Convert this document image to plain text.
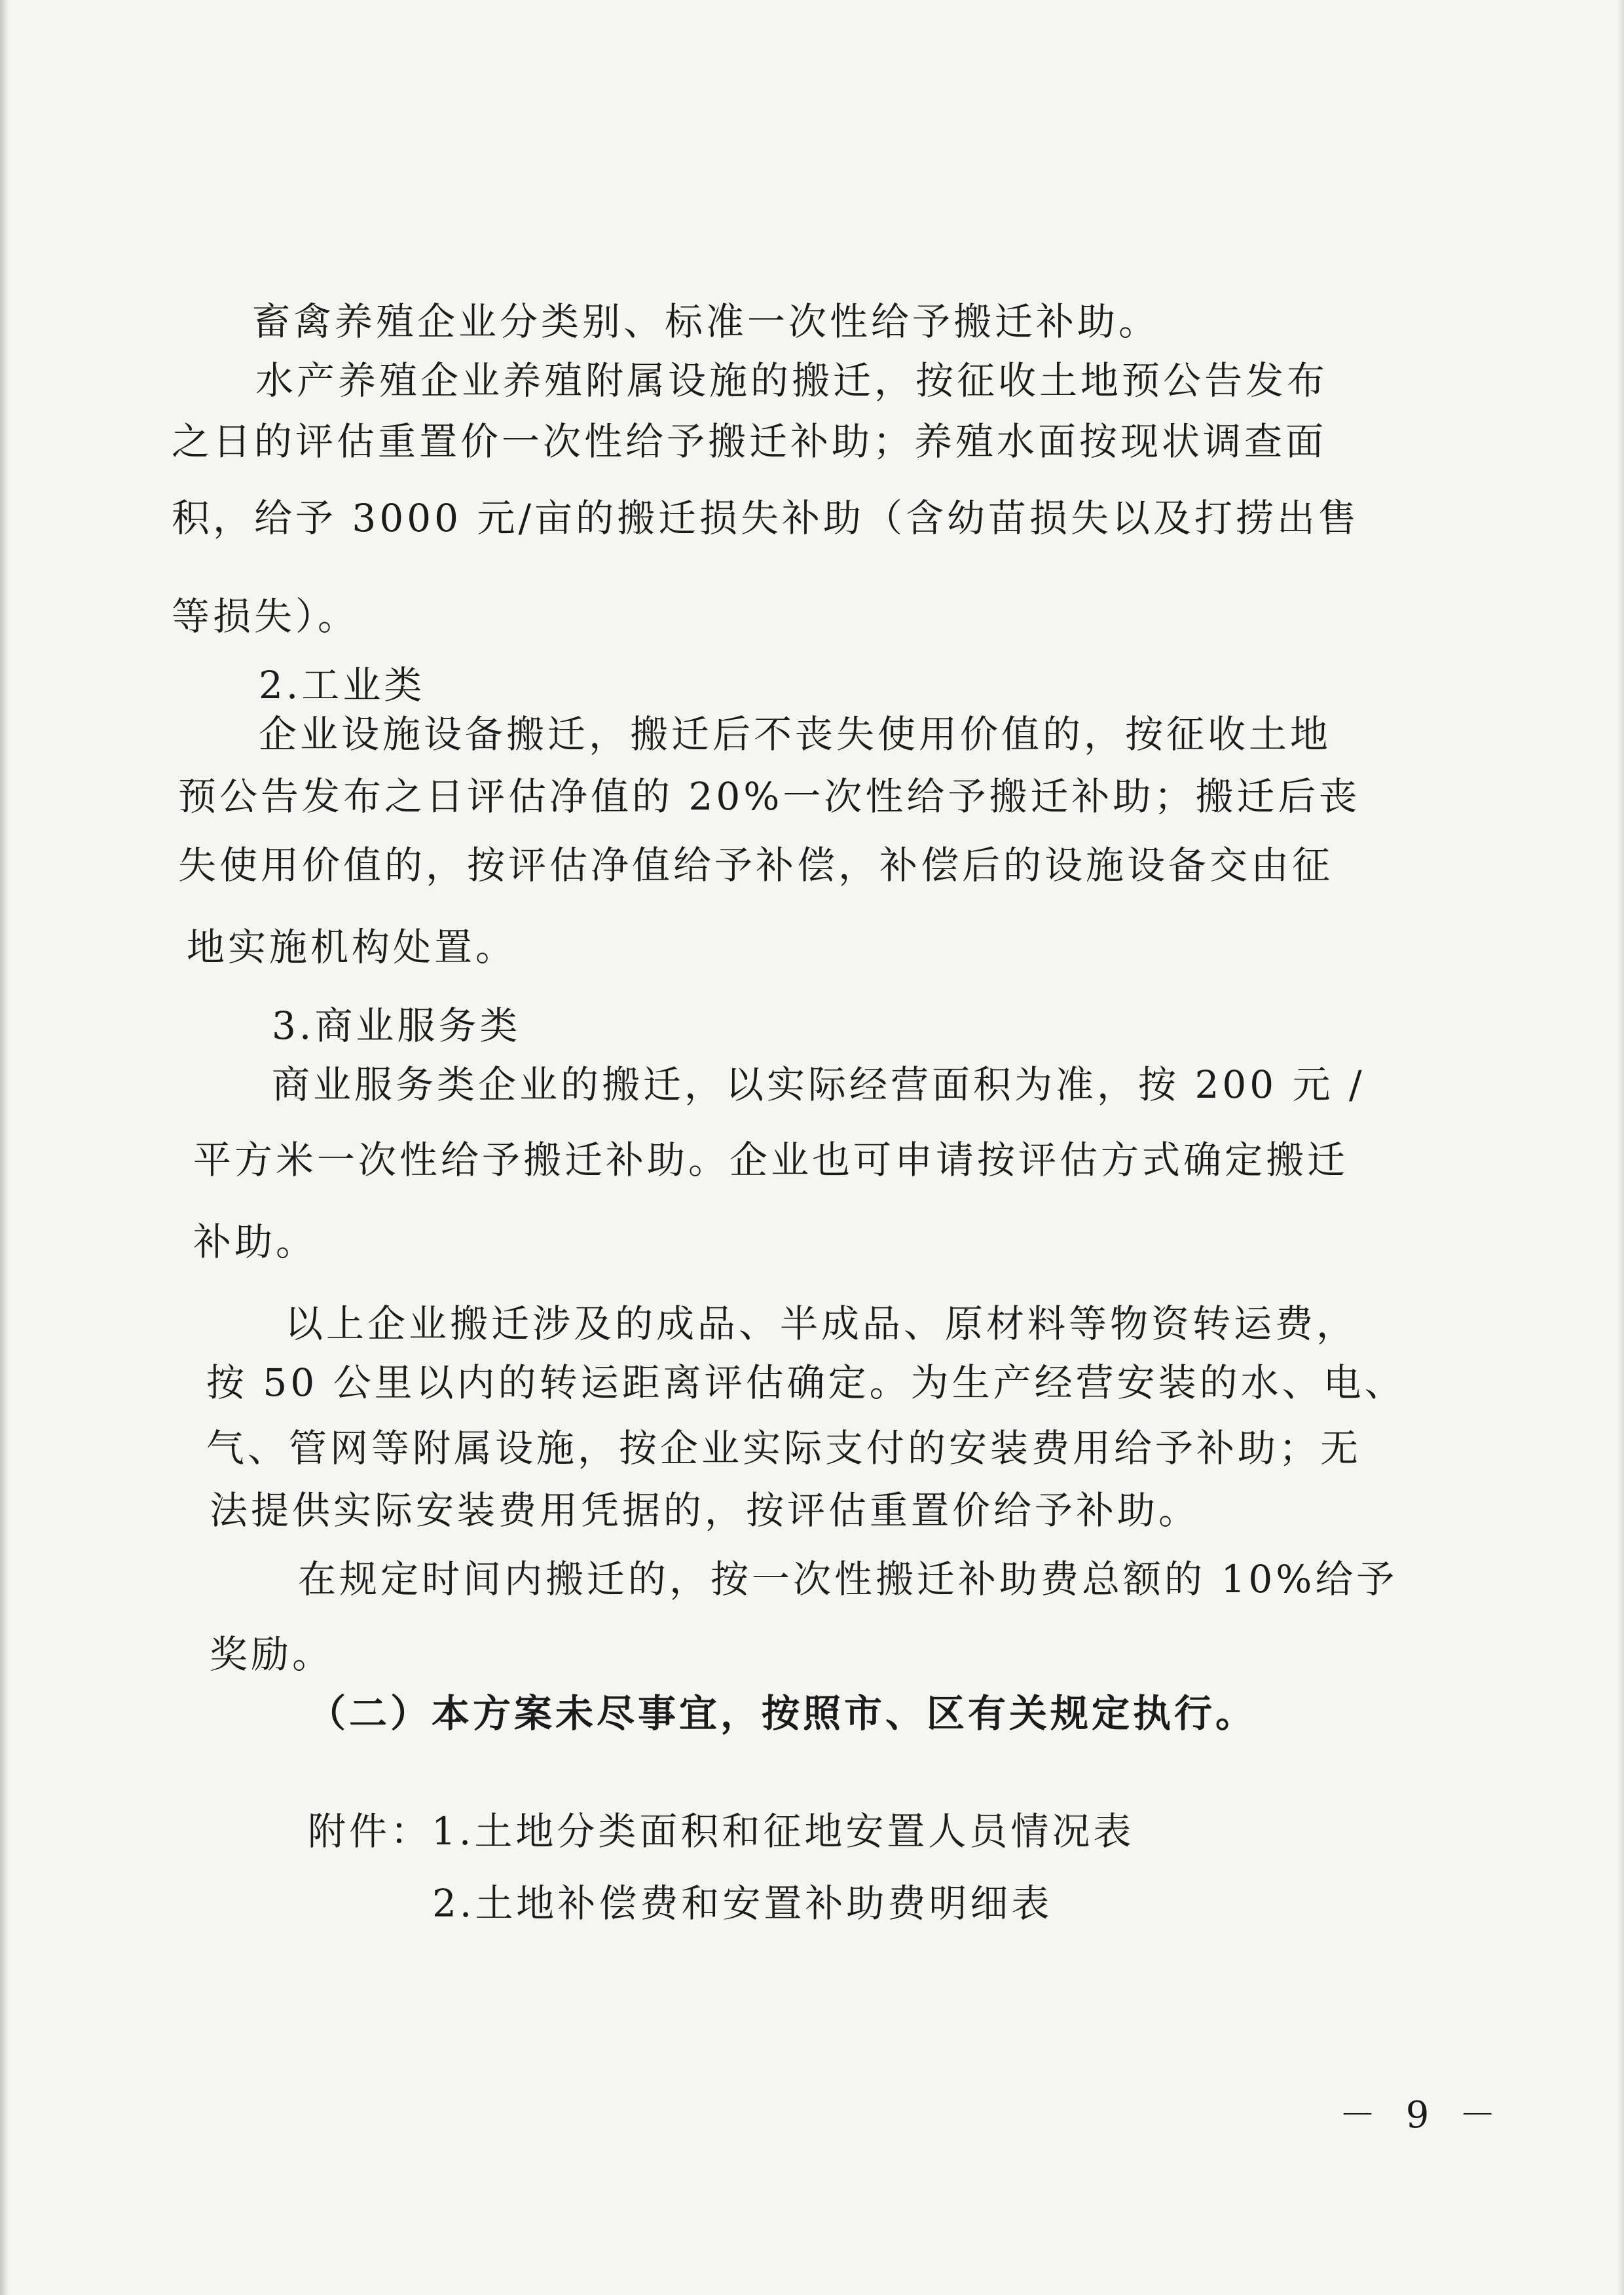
畜禽养殖企业分类别、标准一次性给予搬迁补助。
水产养殖企业养殖附属设施的搬迁，按征收土地预公告发布
之日的评估重置价一次性给予搬迁补助；养殖水面按现状调查面
积，给予 3000 元/亩的搬迁损失补助（含幼苗损失以及打捞出售
等损失）。
2.工业类
企业设施设备搬迁，搬迁后不丧失使用价值的，按征收土地
预公告发布之日评估净值的 20%一次性给予搬迁补助；搬迁后丧
失使用价值的，按评估净值给予补偿，补偿后的设施设备交由征
地实施机构处置。
3.商业服务类
商业服务类企业的搬迁，以实际经营面积为准，按 200 元 /
平方米一次性给予搬迁补助。企业也可申请按评估方式确定搬迁
补助。
以上企业搬迁涉及的成品、半成品、原材料等物资转运费，
按 50 公里以内的转运距离评估确定。为生产经营安装的水、电、
气、管网等附属设施，按企业实际支付的安装费用给予补助；无
法提供实际安装费用凭据的，按评估重置价给予补助。
在规定时间内搬迁的，按一次性搬迁补助费总额的 10%给予
奖励。
（二）本方案未尽事宜，按照市、区有关规定执行。
附件：1.土地分类面积和征地安置人员情况表
2.土地补偿费和安置补助费明细表
－ 9 －
